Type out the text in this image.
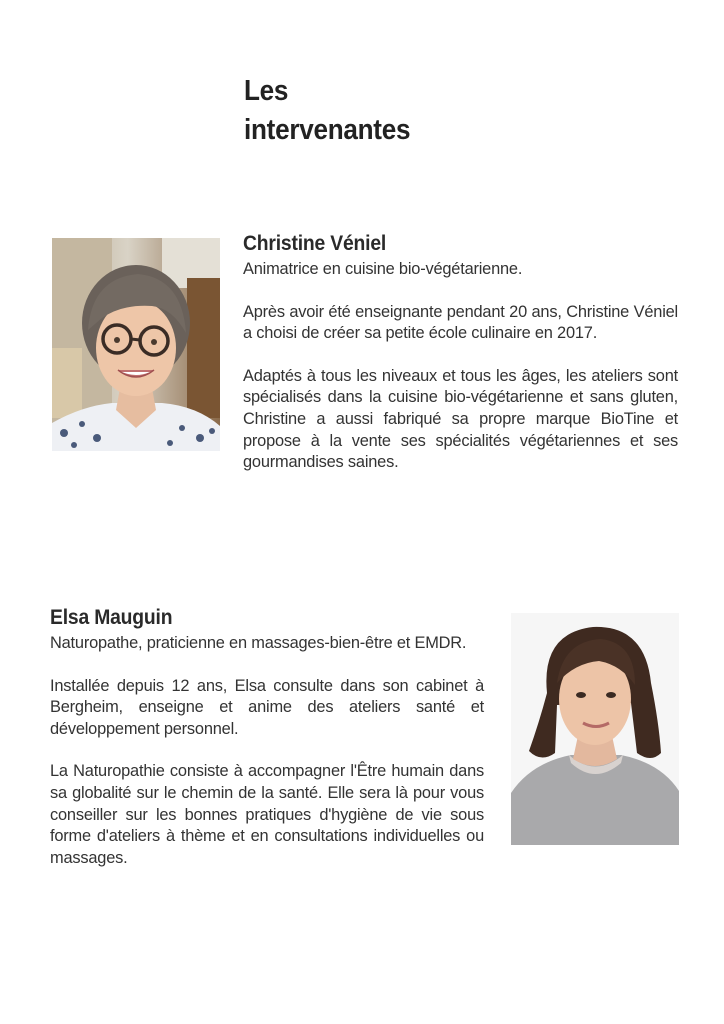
Les
intervenantes
Christine Véniel
Animatrice en cuisine bio-végétarienne.
Après avoir été enseignante pendant 20 ans, Christine Véniel a choisi de créer sa petite école culinaire en 2017.
Adaptés à tous les niveaux et tous les âges, les ateliers sont spécialisés dans la cuisine bio-végétarienne et sans gluten, Christine a aussi fabriqué sa propre marque BioTine et propose à la vente ses spécialités végétariennes et ses gourmandises saines.
Elsa Mauguin
Naturopathe, praticienne en massages-bien-être et EMDR.
Installée depuis 12 ans, Elsa consulte dans son cabinet à Bergheim, enseigne et anime des ateliers santé et développement personnel.
La Naturopathie consiste à accompagner l'Être humain dans sa globalité sur le chemin de la santé. Elle sera là pour vous conseiller sur les bonnes pratiques d'hygiène de vie sous forme d'ateliers à thème et en consultations individuelles ou massages.
